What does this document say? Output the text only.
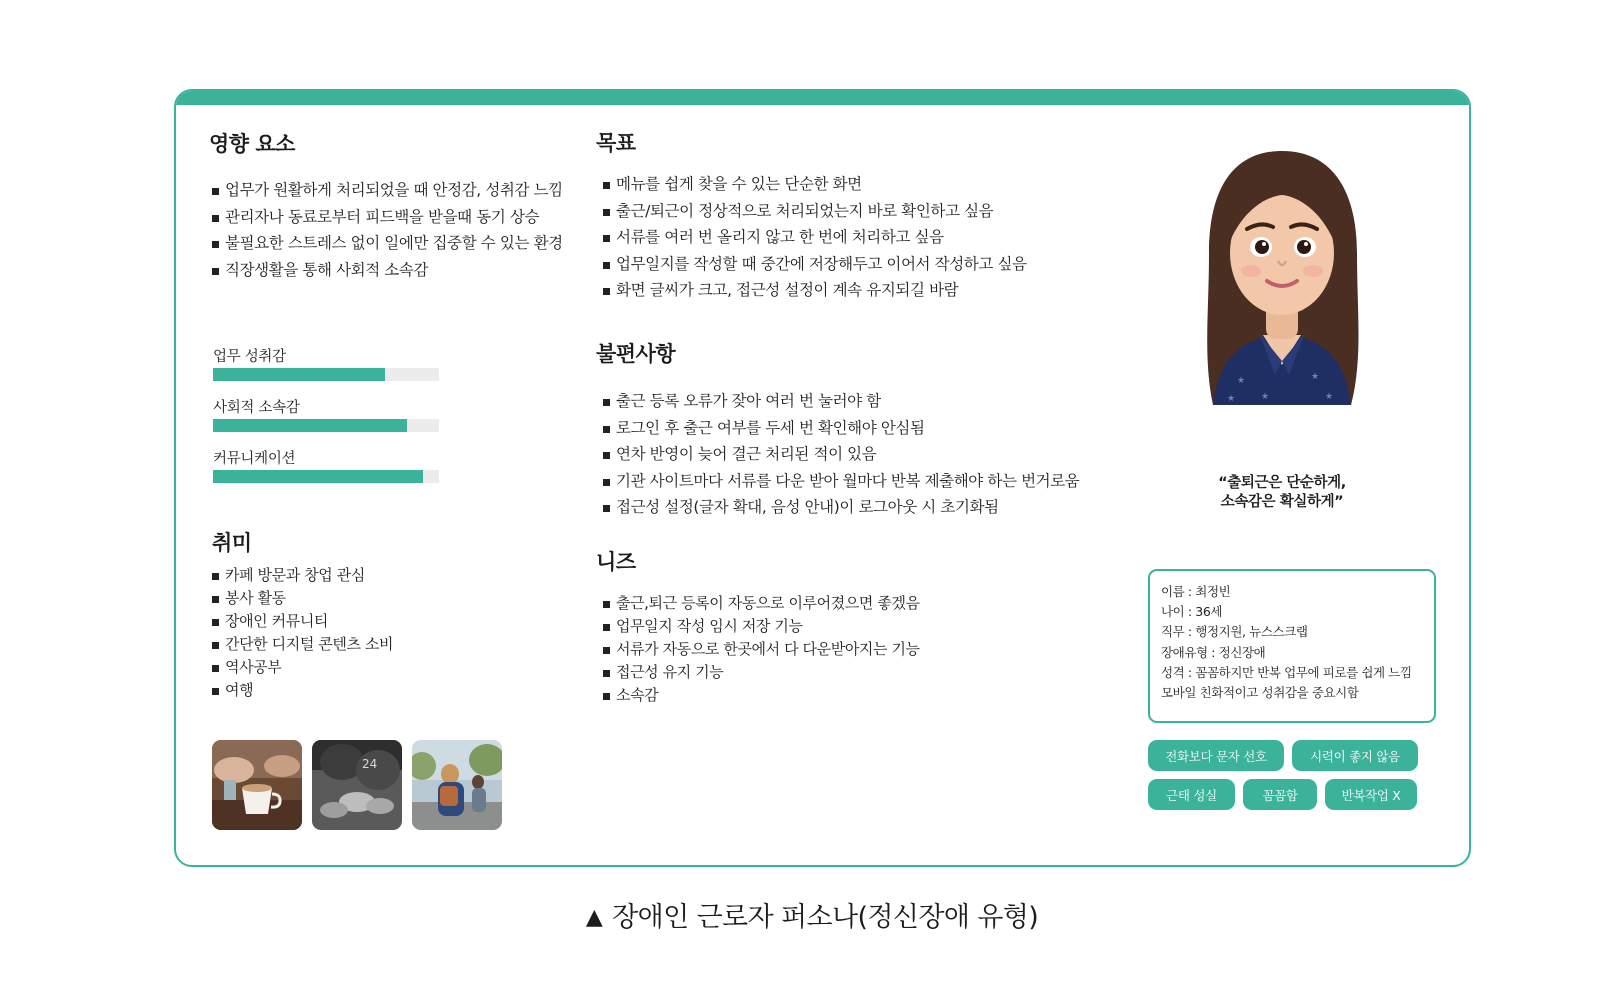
영향 요소
업무가 원활하게 처리되었을 때 안정감, 성취감 느낌
관리자나 동료로부터 피드백을 받을때 동기 상승
불필요한 스트레스 없이 일에만 집중할 수 있는 환경
직장생활을 통해 사회적 소속감
업무 성취감
사회적 소속감
커뮤니케이션
취미
카페 방문과 창업 관심
봉사 활동
장애인 커뮤니티
간단한 디지털 콘텐츠 소비
역사공부
여행
24
목표
메뉴를 쉽게 찾을 수 있는 단순한 화면
출근/퇴근이 정상적으로 처리되었는지 바로 확인하고 싶음
서류를 여러 번 올리지 않고 한 번에 처리하고 싶음
업무일지를 작성할 때 중간에 저장해두고 이어서 작성하고 싶음
화면 글씨가 크고, 접근성 설정이 계속 유지되길 바람
불편사항
출근 등록 오류가 잦아 여러 번 눌러야 함
로그인 후 출근 여부를 두세 번 확인해야 안심됨
연차 반영이 늦어 결근 처리된 적이 있음
기관 사이트마다 서류를 다운 받아 월마다 반복 제출해야 하는 번거로움
접근성 설정(글자 확대, 음성 안내)이 로그아웃 시 초기화됨
니즈
출근,퇴근 등록이 자동으로 이루어졌으면 좋겠음
업무일지 작성 임시 저장 기능
서류가 자동으로 한곳에서 다 다운받아지는 기능
접근성 유지 기능
소속감
★	★
★	★
★
“출퇴근은 단순하게,
소속감은 확실하게”

이름 : 최정빈

나이 : 36세

직무 : 행정지원, 뉴스스크랩

장애유형 : 정신장애

성격 : 꼼꼼하지만 반복 업무에 피로를 쉽게 느낌

모바일 친화적이고 성취감을 중요시함

전화보다 문자 선호	시력이 좋지 않음
근태 성실	꼼꼼함	반복작업 X
▲ 장애인 근로자 퍼소나(정신장애 유형)
